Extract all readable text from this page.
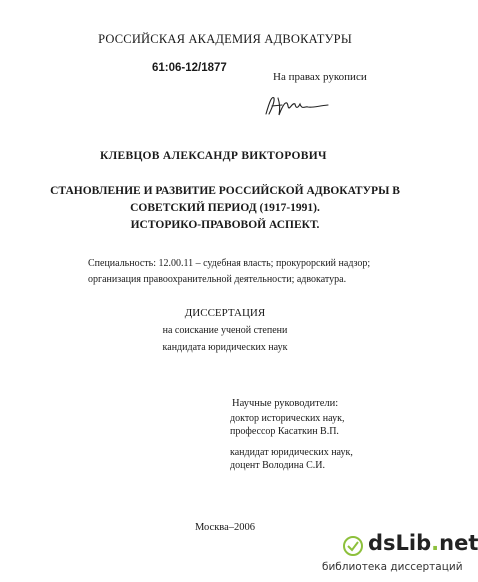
РОССИЙСКАЯ АКАДЕМИЯ АДВОКАТУРЫ
61:06-12/1877
На правах рукописи
КЛЕВЦОВ АЛЕКСАНДР ВИКТОРОВИЧ
СТАНОВЛЕНИЕ И РАЗВИТИЕ РОССИЙСКОЙ АДВОКАТУРЫ В
СОВЕТСКИЙ ПЕРИОД (1917-1991).
ИСТОРИКО-ПРАВОВОЙ АСПЕКТ.
Специальность: 12.00.11 – судебная власть; прокурорский надзор;
организация правоохранительной деятельности; адвокатура.
ДИССЕРТАЦИЯ
на соискание ученой степени
кандидата юридических наук
Научные руководители:
доктор исторических наук,
профессор Касаткин В.П.
кандидат юридических наук,
доцент Володина С.И.
Москва–2006
dsLib.net
библиотека диссертаций
